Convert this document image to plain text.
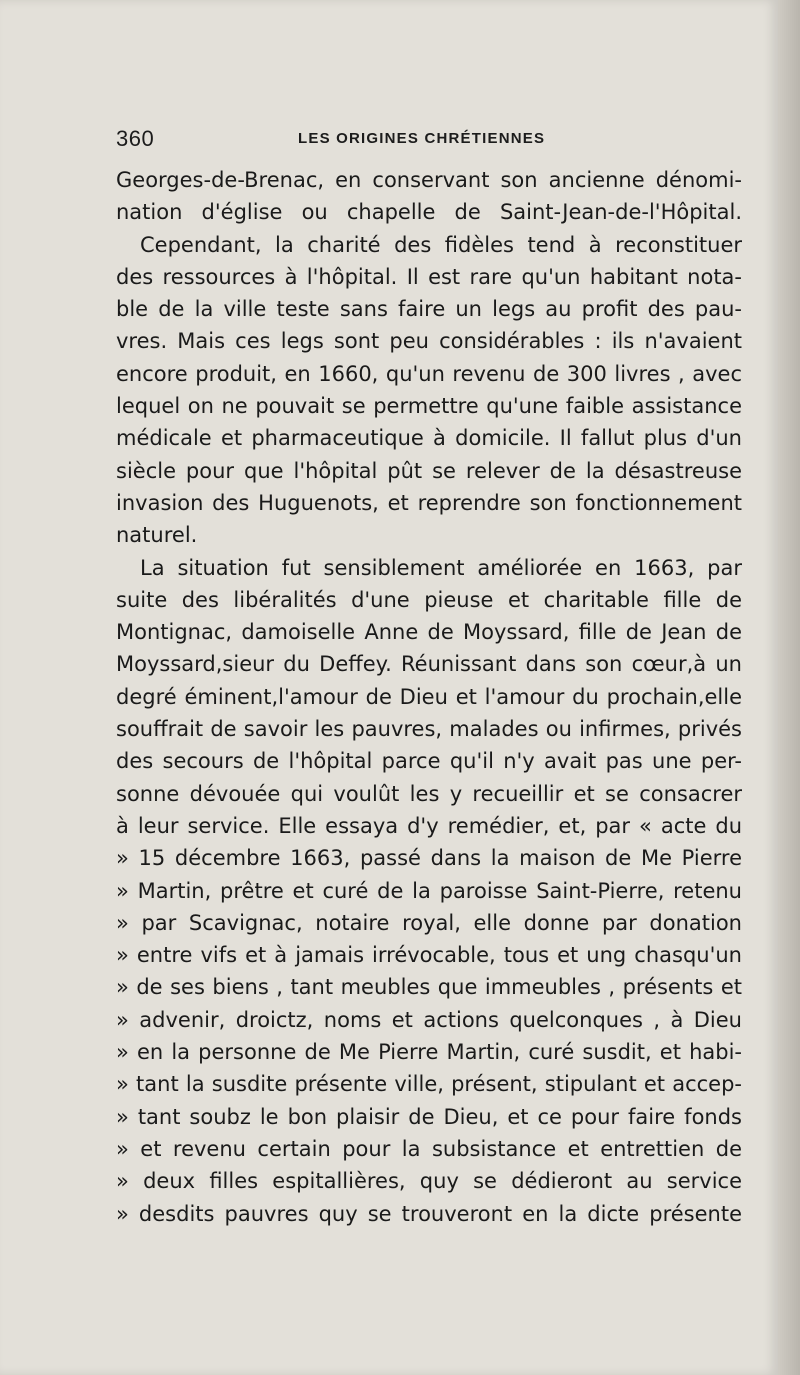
360	LES ORIGINES CHRÉTIENNES
Georges-de-Brenac, en conservant son ancienne dénomi-
nation d'église ou chapelle de Saint-Jean-de-l'Hôpital.
Cependant, la charité des fidèles tend à reconstituer
des ressources à l'hôpital. Il est rare qu'un habitant nota-
ble de la ville teste sans faire un legs au profit des pau-
vres. Mais ces legs sont peu considérables : ils n'avaient
encore produit, en 1660, qu'un revenu de 300 livres , avec
lequel on ne pouvait se permettre qu'une faible assistance
médicale et pharmaceutique à domicile. Il fallut plus d'un
siècle pour que l'hôpital pût se relever de la désastreuse
invasion des Huguenots, et reprendre son fonctionnement
naturel.
La situation fut sensiblement améliorée en 1663, par
suite des libéralités d'une pieuse et charitable fille de
Montignac, damoiselle Anne de Moyssard, fille de Jean de
Moyssard,sieur du Deffey. Réunissant dans son cœur,à un
degré éminent,l'amour de Dieu et l'amour du prochain,elle
souffrait de savoir les pauvres, malades ou infirmes, privés
des secours de l'hôpital parce qu'il n'y avait pas une per-
sonne dévouée qui voulût les y recueillir et se consacrer
à leur service. Elle essaya d'y remédier, et, par « acte du
» 15 décembre 1663, passé dans la maison de Me Pierre
» Martin, prêtre et curé de la paroisse Saint-Pierre, retenu
» par Scavignac, notaire royal, elle donne par donation
» entre vifs et à jamais irrévocable, tous et ung chasqu'un
» de ses biens , tant meubles que immeubles , présents et
» advenir, droictz, noms et actions quelconques , à Dieu
» en la personne de Me Pierre Martin, curé susdit, et habi-
» tant la susdite présente ville, présent, stipulant et accep-
» tant soubz le bon plaisir de Dieu, et ce pour faire fonds
» et revenu certain pour la subsistance et entrettien de
» deux filles espitallières, quy se dédieront au service
» desdits pauvres quy se trouveront en la dicte présente
